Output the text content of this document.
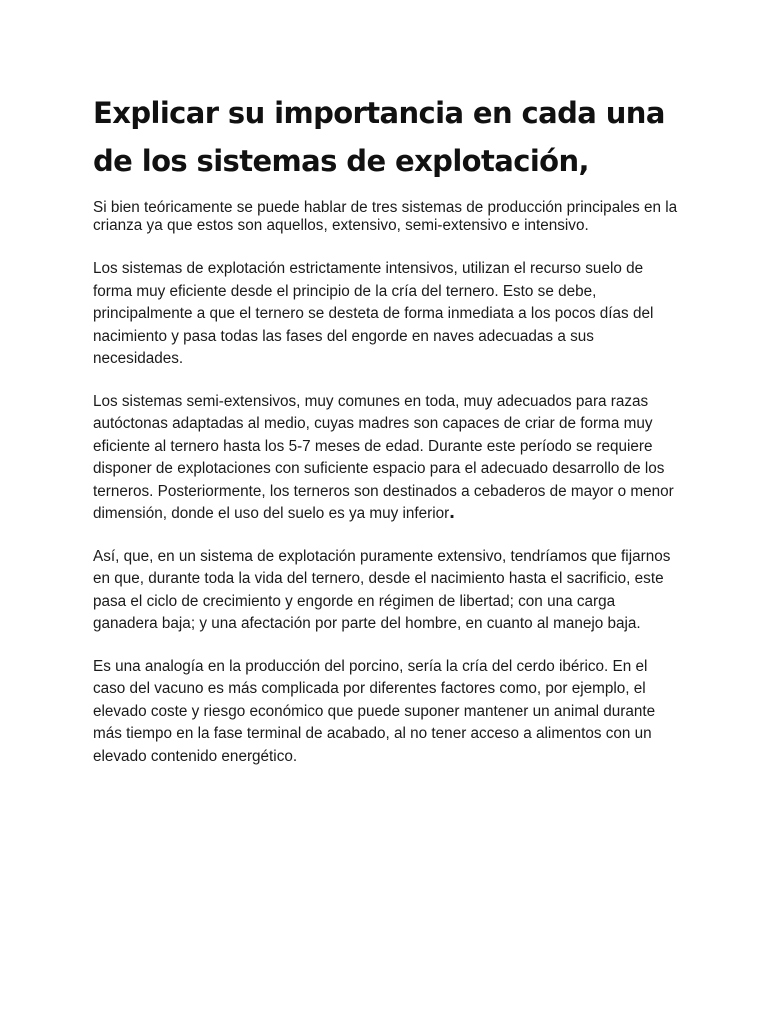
Explicar su importancia en cada una de los sistemas de explotación,

Si bien teóricamente se puede hablar de tres sistemas de producción principales en la crianza ya que estos son aquellos, extensivo, semi-extensivo e intensivo.

Los sistemas de explotación estrictamente intensivos, utilizan el recurso suelo de forma muy eficiente desde el principio de la cría del ternero. Esto se debe, principalmente a que el ternero se desteta de forma inmediata a los pocos días del nacimiento y pasa todas las fases del engorde en naves adecuadas a sus necesidades.

Los sistemas semi-extensivos, muy comunes en toda, muy adecuados para razas autóctonas adaptadas al medio, cuyas madres son capaces de criar de forma muy eficiente al ternero hasta los 5-7 meses de edad. Durante este período se requiere disponer de explotaciones con suficiente espacio para el adecuado desarrollo de los terneros. Posteriormente, los terneros son destinados a cebaderos de mayor o menor dimensión, donde el uso del suelo es ya muy inferior.

Así, que, en un sistema de explotación puramente extensivo, tendríamos que fijarnos en que, durante toda la vida del ternero, desde el nacimiento hasta el sacrificio, este pasa el ciclo de crecimiento y engorde en régimen de libertad; con una carga ganadera baja; y una afectación por parte del hombre, en cuanto al manejo baja.

Es una analogía en la producción del porcino, sería la cría del cerdo ibérico. En el caso del vacuno es más complicada por diferentes factores como, por ejemplo, el elevado coste y riesgo económico que puede suponer mantener un animal durante más tiempo en la fase terminal de acabado, al no tener acceso a alimentos con un elevado contenido energético.
